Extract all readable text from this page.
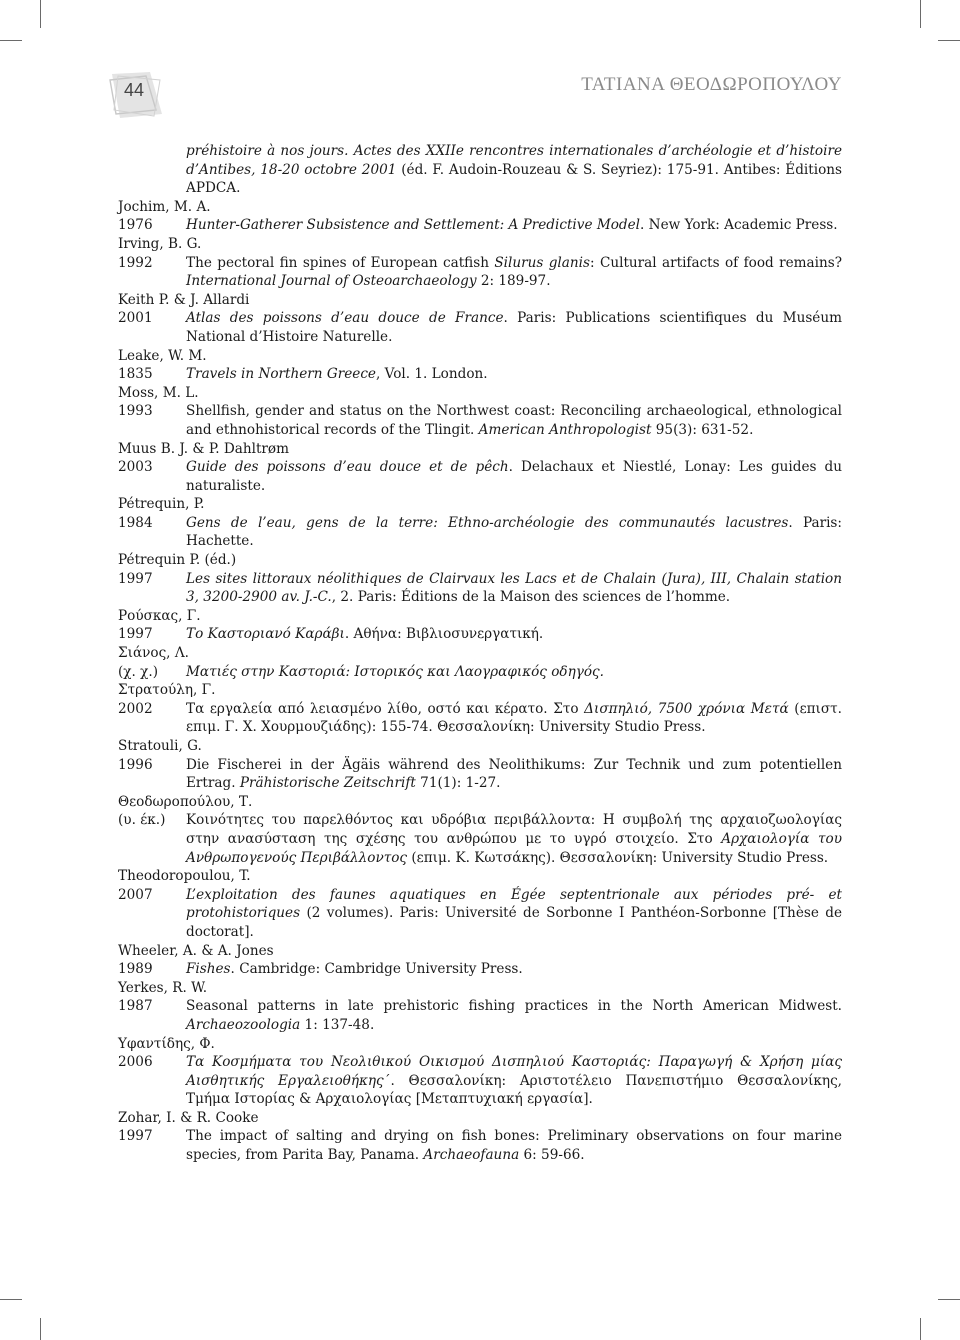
44	ΤΑΤΙΑΝΑ ΘΕΟΔΩΡΟΠΟΥΛΟΥ
préhistoire à nos jours. Actes des XXIIe rencontres internationales d’archéologie et d’histoire d’Antibes, 18-20 octobre 2001 (éd. F. Audoin-Rouzeau & S. Seyriez): 175-91. Antibes: Éditions APDCA.
Jochim, M. A.
1976	Hunter-Gatherer Subsistence and Settlement: A Predictive Model. New York: Academic Press.
Irving, B. G.
1992	The pectoral fin spines of European catfish Silurus glanis: Cultural artifacts of food remains? International Journal of Osteoarchaeology 2: 189-97.
Keith P. & J. Allardi
2001	Atlas des poissons d’eau douce de France. Paris: Publications scientifiques du Muséum National d’Histoire Naturelle.
Leake, W. M.
1835	Travels in Northern Greece, Vol. 1. London.
Moss, M. L.
1993	Shellfish, gender and status on the Northwest coast: Reconciling archaeological, ethnological and ethnohistorical records of the Tlingit. American Anthropologist 95(3): 631-52.
Muus B. J. & P. Dahltrøm
2003	Guide des poissons d’eau douce et de pêch. Delachaux et Niestlé, Lonay: Les guides du naturaliste.
Pétrequin, P.
1984	Gens de l’eau, gens de la terre: Ethno-archéologie des communautés lacustres. Paris: Hachette.
Pétrequin P. (éd.)
1997	Les sites littoraux néolithiques de Clairvaux les Lacs et de Chalain (Jura), III, Chalain station 3, 3200-2900 av. J.-C., 2. Paris: Éditions de la Maison des sciences de l’homme.
Ρούσκας, Γ.
1997	Το Καστοριανό Καράβι. Αθήνα: Βιβλιοσυνεργατική.
Σιάνος, Λ.
(χ. χ.)	Ματιές στην Καστοριά: Ιστορικός και Λαογραφικός οδηγός.
Στρατούλη, Γ.
2002	Τα εργαλεία από λειασμένο λίθο, οστό και κέρατο. Στο Δισπηλιό, 7500 χρόνια Μετά (επιστ. επιμ. Γ. Χ. Χουρμουζιάδης): 155-74. Θεσσαλονίκη: University Studio Press.
Stratouli, G.
1996	Die Fischerei in der Ägäis während des Neolithikums: Zur Technik und zum potentiellen Ertrag. Prähistorische Zeitschrift 71(1): 1-27.
Θεοδωροπούλου, Τ.
(υ. έκ.)	Κοινότητες του παρελθόντος και υδρόβια περιβάλλοντα: Η συμβολή της αρχαιοζωολογίας στην ανασύσταση της σχέσης του ανθρώπου με το υγρό στοιχείο. Στο Αρχαιολογία του Ανθρωπογενούς Περιβάλλοντος (επιμ. Κ. Κωτσάκης). Θεσσαλονίκη: University Studio Press.
Theodoropoulou, T.
2007	L’exploitation des faunes aquatiques en Égée septentrionale aux périodes pré- et protohistoriques (2 volumes). Paris: Université de Sorbonne I Panthéon-Sorbonne [Thèse de doctorat].
Wheeler, A. & A. Jones
1989	Fishes. Cambridge: Cambridge University Press.
Yerkes, R. W.
1987	Seasonal patterns in late prehistoric fishing practices in the North American Midwest. Archaeozoologia 1: 137-48.
Υφαντίδης, Φ.
2006	Τα Κοσμήματα του Νεολιθικού Οικισμού Δισπηλιού Καστοριάς: Παραγωγή & Χρήση μίας Αισθητικής Εργαλειοθήκης΄. Θεσσαλονίκη: Αριστοτέλειο Πανεπιστήμιο Θεσσαλονίκης, Τμήμα Ιστορίας & Αρχαιολογίας [Μεταπτυχιακή εργασία].
Zohar, I. & R. Cooke
1997	The impact of salting and drying on fish bones: Preliminary observations on four marine species, from Parita Bay, Panama. Archaeofauna 6: 59-66.
